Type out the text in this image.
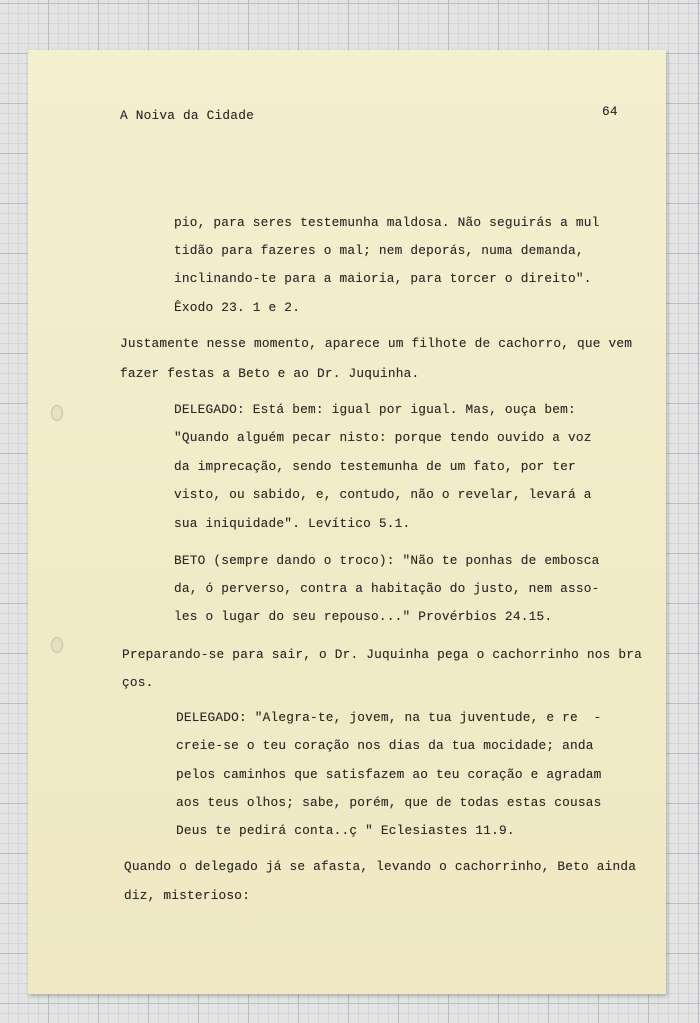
A Noiva da Cidade	64
pio, para seres testemunha maldosa. Não seguirás a mul
tidão para fazeres o mal; nem deporás, numa demanda,
inclinando-te para a maioria, para torcer o direito".
Êxodo 23. 1 e 2.
Justamente nesse momento, aparece um filhote de cachorro, que vem
fazer festas a Beto e ao Dr. Juquinha.
DELEGADO: Está bem: igual por igual. Mas, ouça bem:
"Quando alguém pecar nisto: porque tendo ouvido a voz
da imprecação, sendo testemunha de um fato, por ter
visto, ou sabido, e, contudo, não o revelar, levará a
sua iniquidade". Levítico 5.1.
BETO (sempre dando o troco): "Não te ponhas de embosca
da, ó perverso, contra a habitação do justo, nem asso-
les o lugar do seu repouso..." Provérbios 24.15.
Preparando-se para sair, o Dr. Juquinha pega o cachorrinho nos bra
ços.
DELEGADO: "Alegra-te, jovem, na tua juventude, e re  -
creie-se o teu coração nos dias da tua mocidade; anda
pelos caminhos que satisfazem ao teu coração e agradam
aos teus olhos; sabe, porém, que de todas estas cousas
Deus te pedirá conta..ç " Eclesiastes 11.9.
Quando o delegado já se afasta, levando o cachorrinho, Beto ainda
diz, misterioso:
